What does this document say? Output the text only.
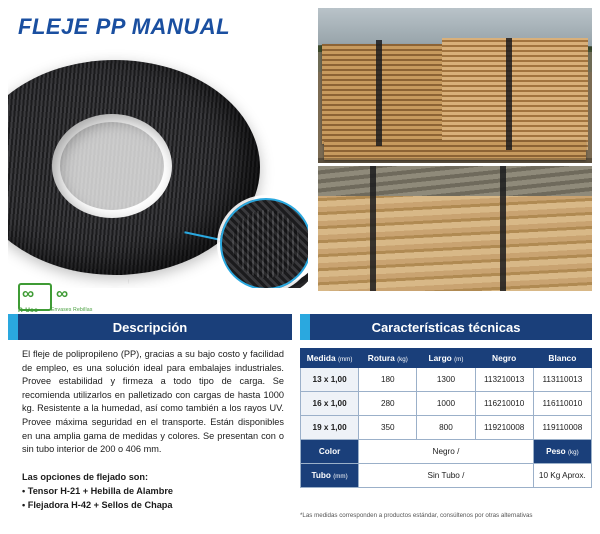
FLEJE PP MANUAL
∞ ∞
R-Uso	Envases Rebillas
Descripción	Características técnicas
El fleje de polipropileno (PP), gracias a su bajo costo y facilidad de empleo, es una solución ideal para embalajes industriales. Provee estabilidad y firmeza a todo tipo de carga. Se recomienda utilizarlos en palletizado con cargas de hasta 1000 kg. Resistente a la humedad, así como también a los rayos UV. Provee máxima seguridad en el transporte. Están disponibles en una amplia gama de medidas y colores. Se presentan con o sin tubo interior de 200 o 406 mm.
Las opciones de flejado son:
• Tensor H-21 + Hebilla de Alambre
• Flejadora H-42 + Sellos de Chapa
Medida (mm)	Rotura (kg)	Largo (m)	Negro	Blanco
13 x 1,00	180	1300	113210013	113110013
16 x 1,00	280	1000	116210010	116110010
19 x 1,00	350	800	119210008	119110008
Color	Negro /			Peso (kg)
Tubo (mm)	Sin Tubo /			10 Kg Aprox.
*Las medidas corresponden a productos estándar, consúltenos por otras alternativas
